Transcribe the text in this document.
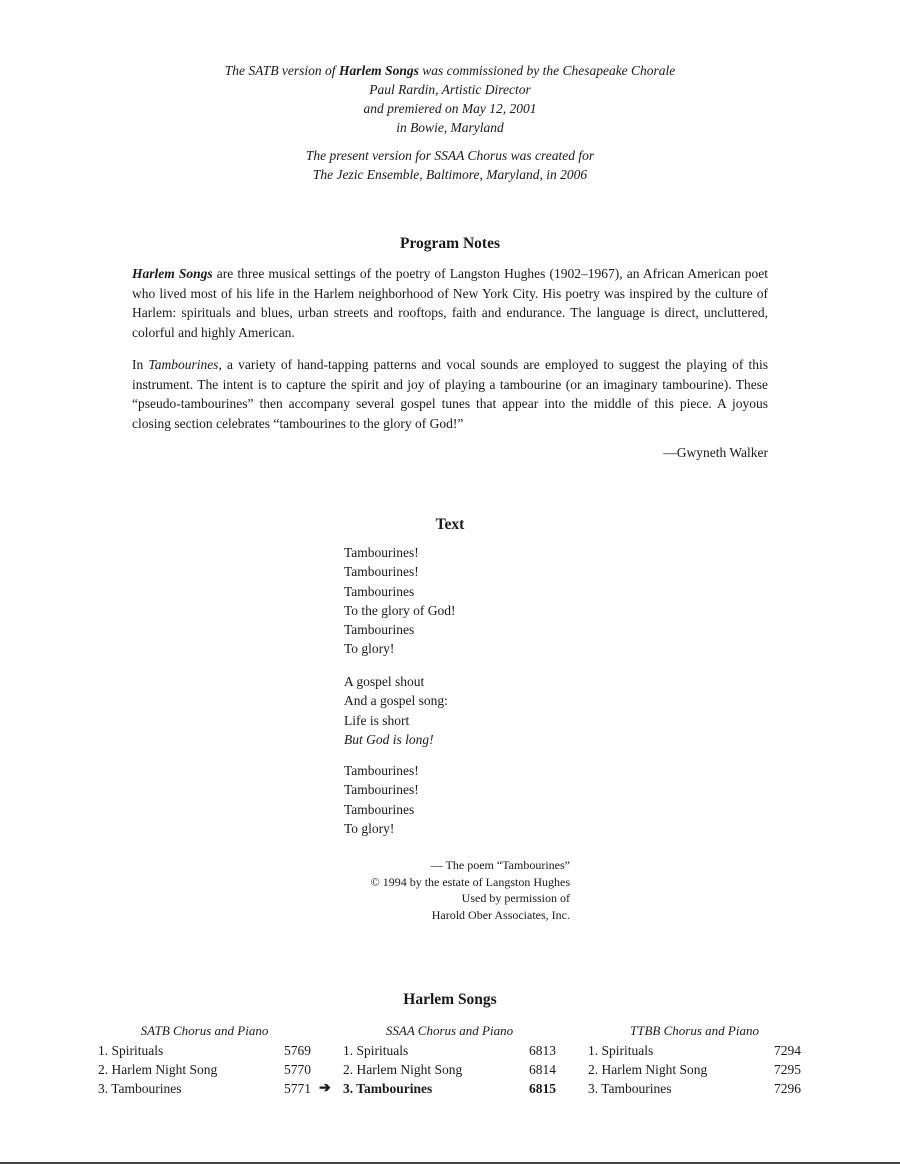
The SATB version of Harlem Songs was commissioned by the Chesapeake Chorale
Paul Rardin, Artistic Director
and premiered on May 12, 2001
in Bowie, Maryland
The present version for SSAA Chorus was created for
The Jezic Ensemble, Baltimore, Maryland, in 2006
Program Notes
Harlem Songs are three musical settings of the poetry of Langston Hughes (1902–1967), an African American poet who lived most of his life in the Harlem neighborhood of New York City. His poetry was inspired by the culture of Harlem: spirituals and blues, urban streets and rooftops, faith and endurance. The language is direct, uncluttered, colorful and highly American.
In Tambourines, a variety of hand-tapping patterns and vocal sounds are employed to suggest the playing of this instrument. The intent is to capture the spirit and joy of playing a tambourine (or an imaginary tambourine). These “pseudo-tambourines” then accompany several gospel tunes that appear into the middle of this piece. A joyous closing section celebrates “tambourines to the glory of God!”
—Gwyneth Walker
Text
Tambourines!
Tambourines!
Tambourines
To the glory of God!
Tambourines
To glory!
A gospel shout
And a gospel song:
Life is short
But God is long!
Tambourines!
Tambourines!
Tambourines
To glory!
— The poem “Tambourines”
© 1994 by the estate of Langston Hughes
Used by permission of
Harold Ober Associates, Inc.
Harlem Songs
SATB Chorus and Piano
1. Spirituals	5769
2. Harlem Night Song	5770
3. Tambourines	5771
SSAA Chorus and Piano
1. Spirituals	6813
2. Harlem Night Song	6814
➔ 3. Tambourines	6815
TTBB Chorus and Piano
1. Spirituals	7294
2. Harlem Night Song	7295
3. Tambourines	7296
